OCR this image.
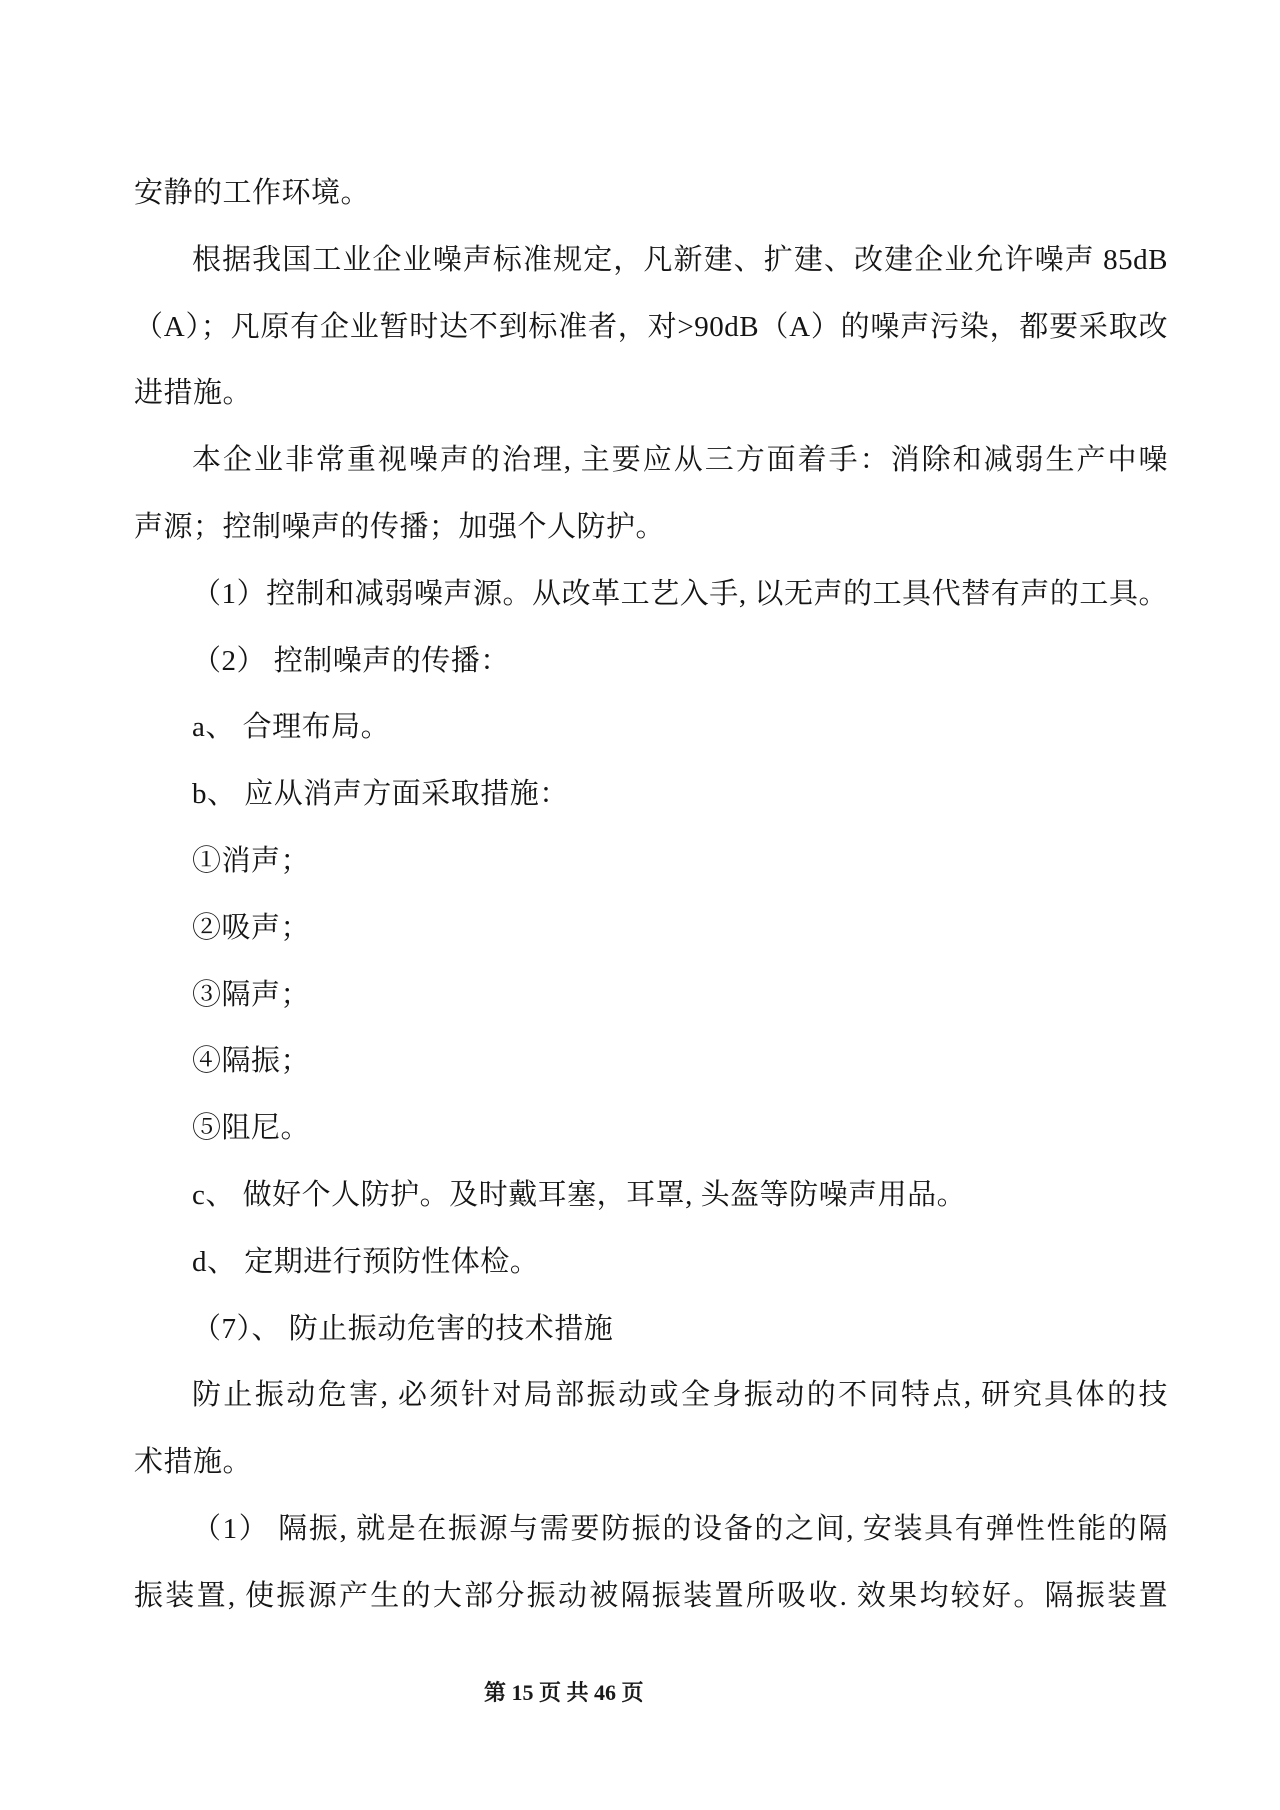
安静的工作环境。
根据我国工业企业噪声标准规定，凡新建、扩建、改建企业允许噪声 85dB
（A）；凡原有企业暂时达不到标准者，对>90dB（A）的噪声污染，都要采取改
进措施。
本企业非常重视噪声的治理, 主要应从三方面着手：消除和减弱生产中噪
声源；控制噪声的传播；加强个人防护。
（1）控制和减弱噪声源。从改革工艺入手, 以无声的工具代替有声的工具。
（2） 控制噪声的传播：
a、 合理布局。
b、 应从消声方面采取措施：
①消声；
②吸声；
③隔声；
④隔振；
⑤阻尼。
c、 做好个人防护。及时戴耳塞，耳罩, 头盔等防噪声用品。
d、 定期进行预防性体检。
（7）、 防止振动危害的技术措施
防止振动危害, 必须针对局部振动或全身振动的不同特点, 研究具体的技
术措施。
（1） 隔振, 就是在振源与需要防振的设备的之间, 安装具有弹性性能的隔
振装置, 使振源产生的大部分振动被隔振装置所吸收. 效果均较好。隔振装置
第 15 页 共 46 页
